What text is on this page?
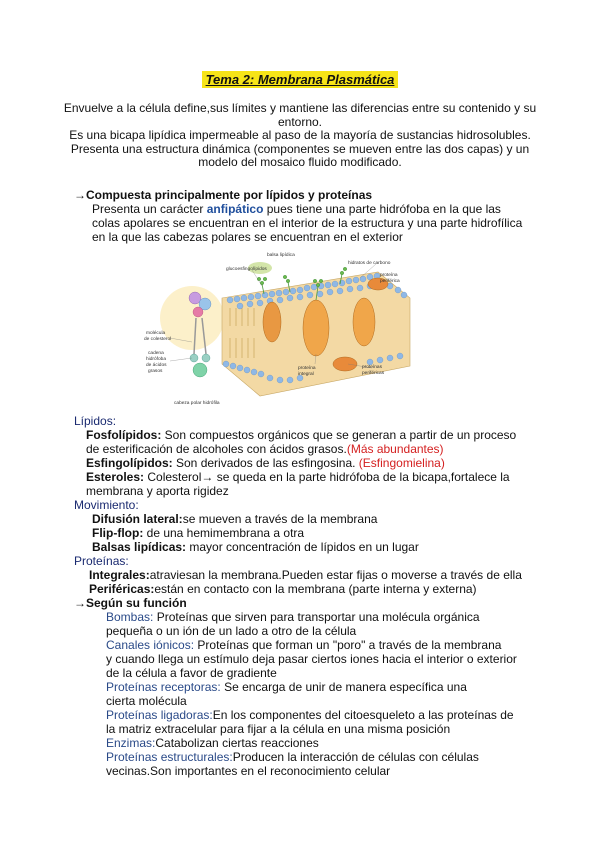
Tema 2: Membrana Plasmática

Envuelve a la célula define,sus límites y mantiene las diferencias entre su contenido y su entorno.

Es una bicapa lipídica impermeable al paso de la mayoría de sustancias hidrosolubles.

Presenta una estructura dinámica (componentes se mueven entre las dos capas) y un modelo del mosaico fluido modificado.

→Compuesta principalmente por lípidos y proteínas
Presenta un carácter anfipático pues tiene una parte hidrófoba en la que las
colas apolares se encuentran en el interior de la estructura y una parte hidrofílica
en la que las cabezas polares se encuentran en el exterior
glucoesfingolípidos
balsa lipídica
hidratos de carbono
proteína
periférica
molécula
de colesterol
cadena
hidrófoba
de ácidos
grasos
proteína
integral
proteínas
periféricas
cabeza polar hidrófila
Lípidos:
Fosfolípidos: Son compuestos orgánicos que se generan a partir de un proceso
de esterificación de alcoholes con ácidos grasos.(Más abundantes)
Esfingolípidos: Son derivados de las esfingosina. (Esfingomielina)
Esteroles: Colesterol→ se queda en la parte hidrófoba de la bicapa,fortalece la
membrana y aporta rigidez
Movimiento:
Difusión lateral:se mueven a través de la membrana
Flip-flop: de una hemimembrana a otra
Balsas lipídicas: mayor concentración de lípidos en un lugar
Proteínas:
Integrales:atraviesan la membrana.Pueden estar fijas o moverse a través de ella
Periféricas:están en contacto con la membrana (parte interna y externa)
→Según su función
Bombas: Proteínas que sirven para transportar una molécula orgánica
pequeña o un ión de un lado a otro de la célula
Canales iónicos: Proteínas que forman un "poro" a través de la membrana
y cuando llega un estímulo deja pasar ciertos iones hacia el interior o exterior
de la célula a favor de gradiente
Proteínas receptoras: Se encarga de unir de manera específica una
cierta molécula
Proteínas ligadoras:En los componentes del citoesqueleto a las proteínas de
la matriz extracelular para fijar a la célula en una misma posición
Enzimas:Catabolizan ciertas reacciones
Proteínas estructurales:Producen la interacción de células con células
vecinas.Son importantes en el reconocimiento celular
